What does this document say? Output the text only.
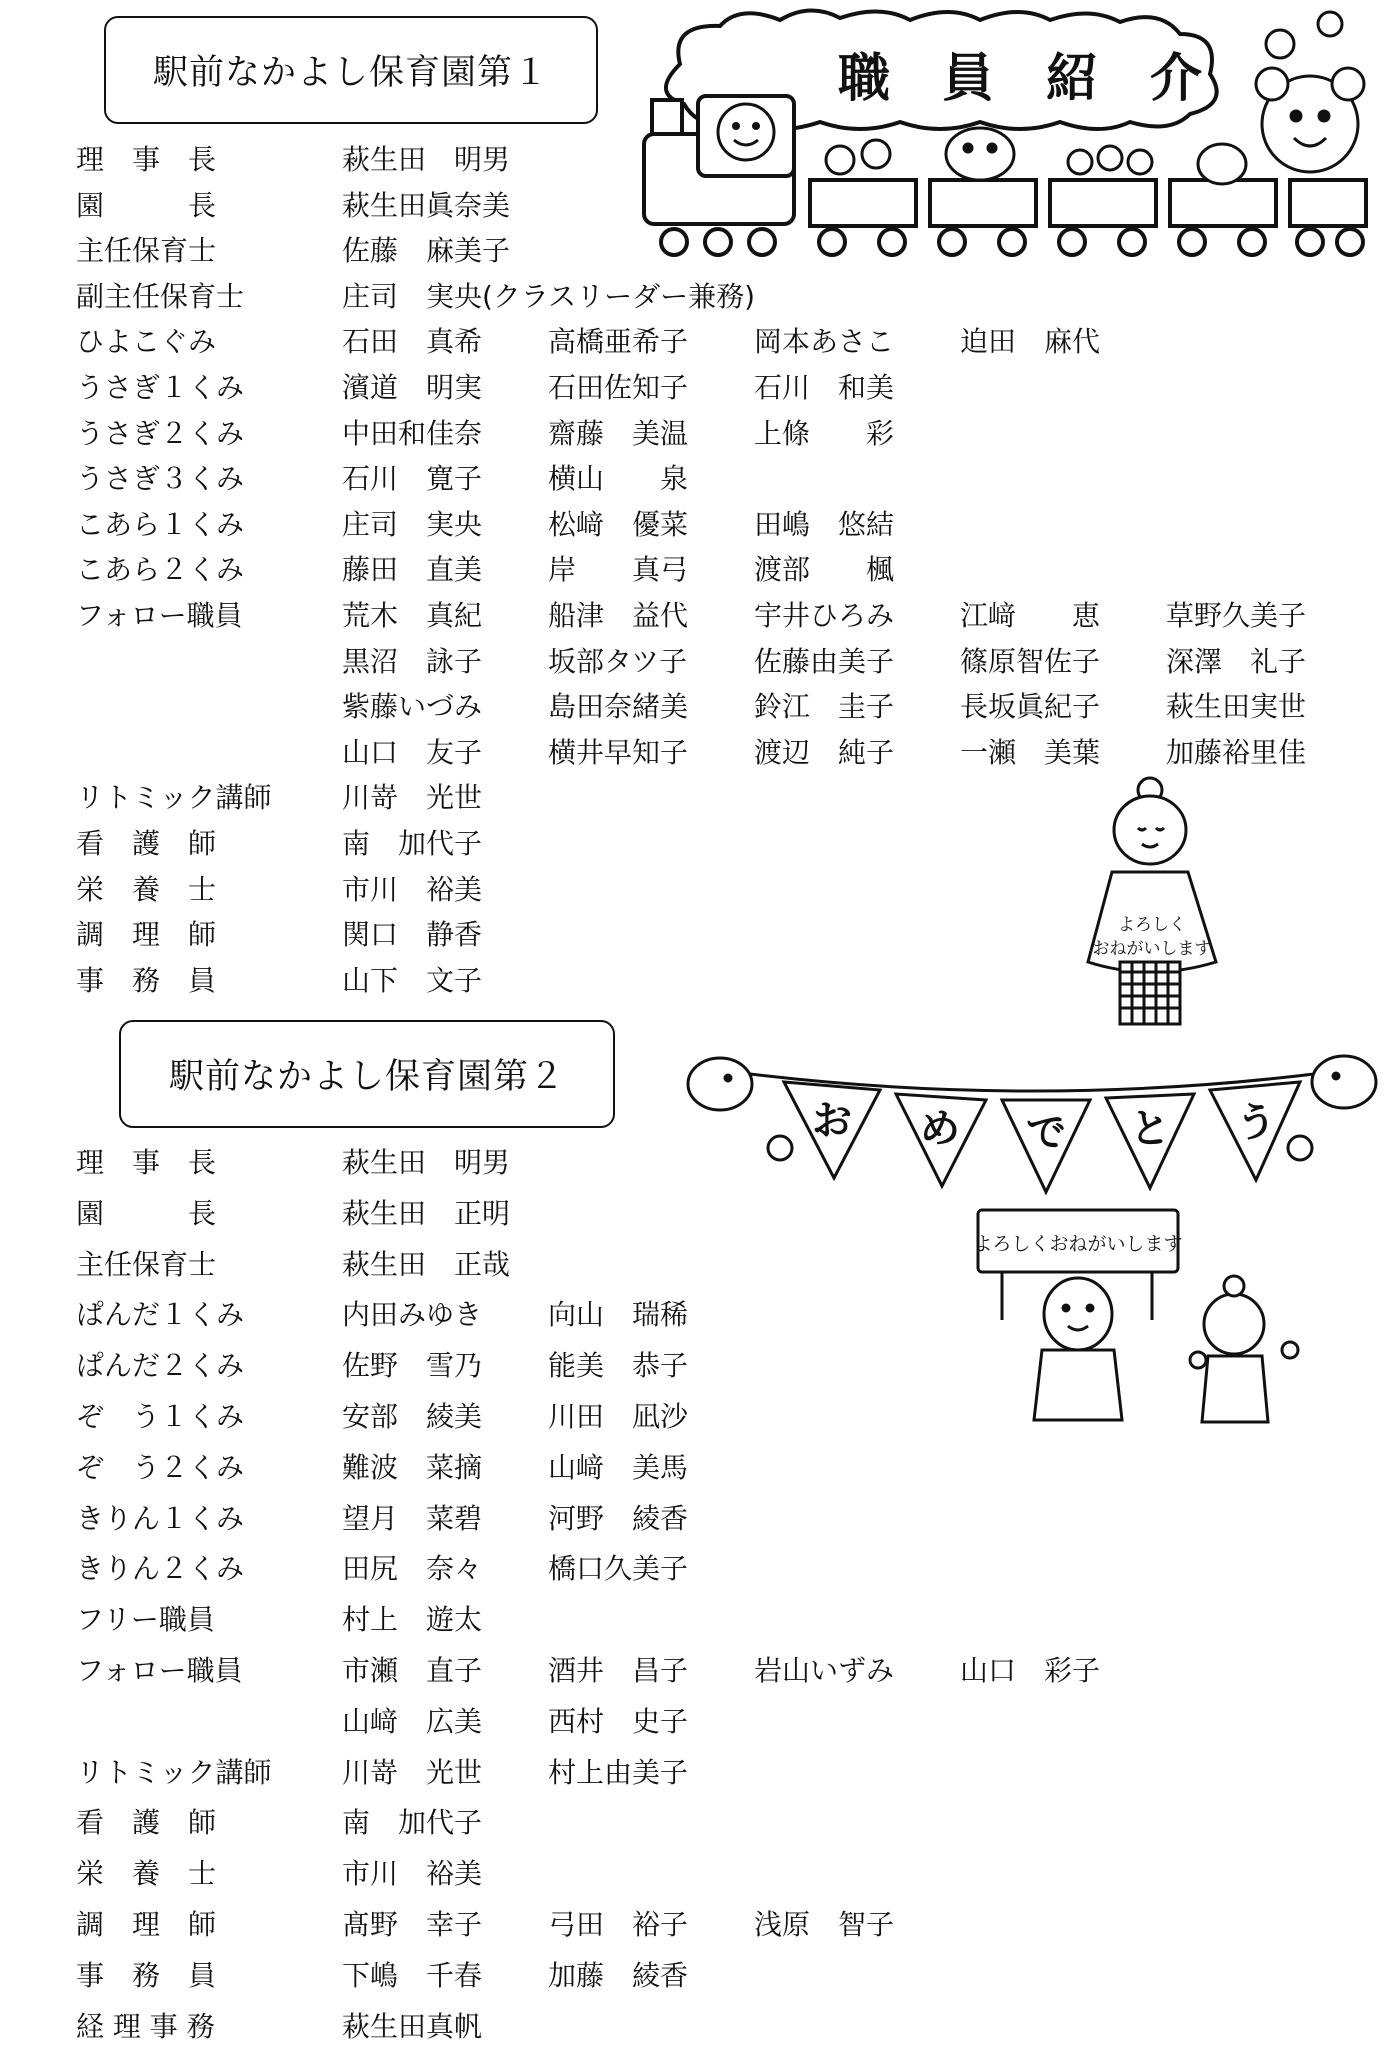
駅前なかよし保育園第１
駅前なかよし保育園第２
理　事　長	萩生田　明男
園　　　長	萩生田眞奈美
主任保育士	佐藤　麻美子
副主任保育士	庄司　実央(クラスリーダー兼務)
ひよこぐみ	石田　真希 高橋亜希子 岡本あさこ 迫田　麻代
うさぎ１くみ	濱道　明実 石田佐知子 石川　和美
うさぎ２くみ	中田和佳奈 齋藤　美温 上條　　彩
うさぎ３くみ	石川　寛子 横山　　泉
こあら１くみ	庄司　実央 松﨑　優菜 田嶋　悠結
こあら２くみ	藤田　直美 岸　　真弓 渡部　　楓
フォロー職員	荒木　真紀 船津　益代 宇井ひろみ 江﨑　　恵 草野久美子
黒沼　詠子 坂部タツ子 佐藤由美子 篠原智佐子 深澤　礼子
紫藤いづみ 島田奈緒美 鈴江　圭子 長坂眞紀子 萩生田実世
山口　友子 横井早知子 渡辺　純子 一瀬　美葉 加藤裕里佳
リトミック講師	川嵜　光世
看　護　師	南　加代子
栄　養　士	市川　裕美
調　理　師	関口　静香
事　務　員	山下　文子
理　事　長	萩生田　明男
園　　　長	萩生田　正明
主任保育士	萩生田　正哉
ぱんだ１くみ	内田みゆき 向山　瑞稀
ぱんだ２くみ	佐野　雪乃 能美　恭子
ぞ　う１くみ	安部　綾美 川田　凪沙
ぞ　う２くみ	難波　菜摘 山﨑　美馬
きりん１くみ	望月　菜碧 河野　綾香
きりん２くみ	田尻　奈々 橋口久美子
フリー職員	村上　遊太
フォロー職員	市瀬　直子 酒井　昌子 岩山いずみ 山口　彩子
山﨑　広美 西村　史子
リトミック講師	川嵜　光世 村上由美子
看　護　師	南　加代子
栄　養　士	市川　裕美
調　理　師	髙野　幸子 弓田　裕子 浅原　智子
事　務　員	下嶋　千春 加藤　綾香
経 理 事 務	萩生田真帆
職　員　紹　介
よろしく
おねがいします
お め で と う
よろしくおねがいします
